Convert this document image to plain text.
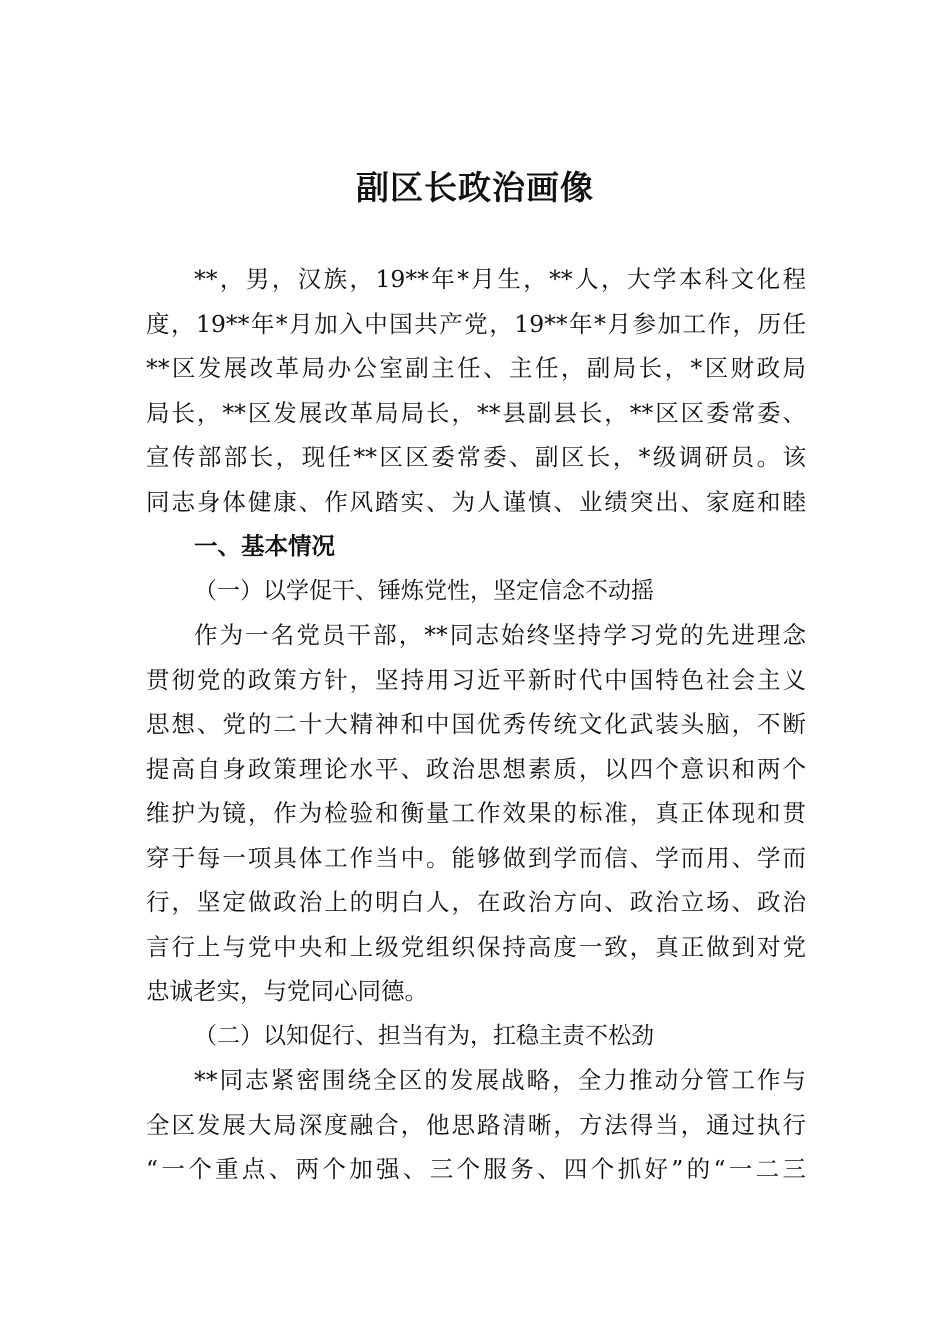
副区长政治画像
**，男，汉族，19**年*月生，**人，大学本科文化程
度，19**年*月加入中国共产党，19**年*月参加工作，历任
**区发展改革局办公室副主任、主任，副局长，*区财政局
局长，**区发展改革局局长，**县副县长，**区区委常委、
宣传部部长，现任**区区委常委、副区长，*级调研员。该
同志身体健康、作风踏实、为人谨慎、业绩突出、家庭和睦
一、基本情况
（一）以学促干、锤炼党性，坚定信念不动摇
作为一名党员干部，**同志始终坚持学习党的先进理念
贯彻党的政策方针，坚持用习近平新时代中国特色社会主义
思想、党的二十大精神和中国优秀传统文化武装头脑，不断
提高自身政策理论水平、政治思想素质，以四个意识和两个
维护为镜，作为检验和衡量工作效果的标准，真正体现和贯
穿于每一项具体工作当中。能够做到学而信、学而用、学而
行，坚定做政治上的明白人，在政治方向、政治立场、政治
言行上与党中央和上级党组织保持高度一致，真正做到对党
忠诚老实，与党同心同德。
（二）以知促行、担当有为，扛稳主责不松劲
**同志紧密围绕全区的发展战略，全力推动分管工作与
全区发展大局深度融合，他思路清晰，方法得当，通过执行
“一个重点、两个加强、三个服务、四个抓好”的“一二三
